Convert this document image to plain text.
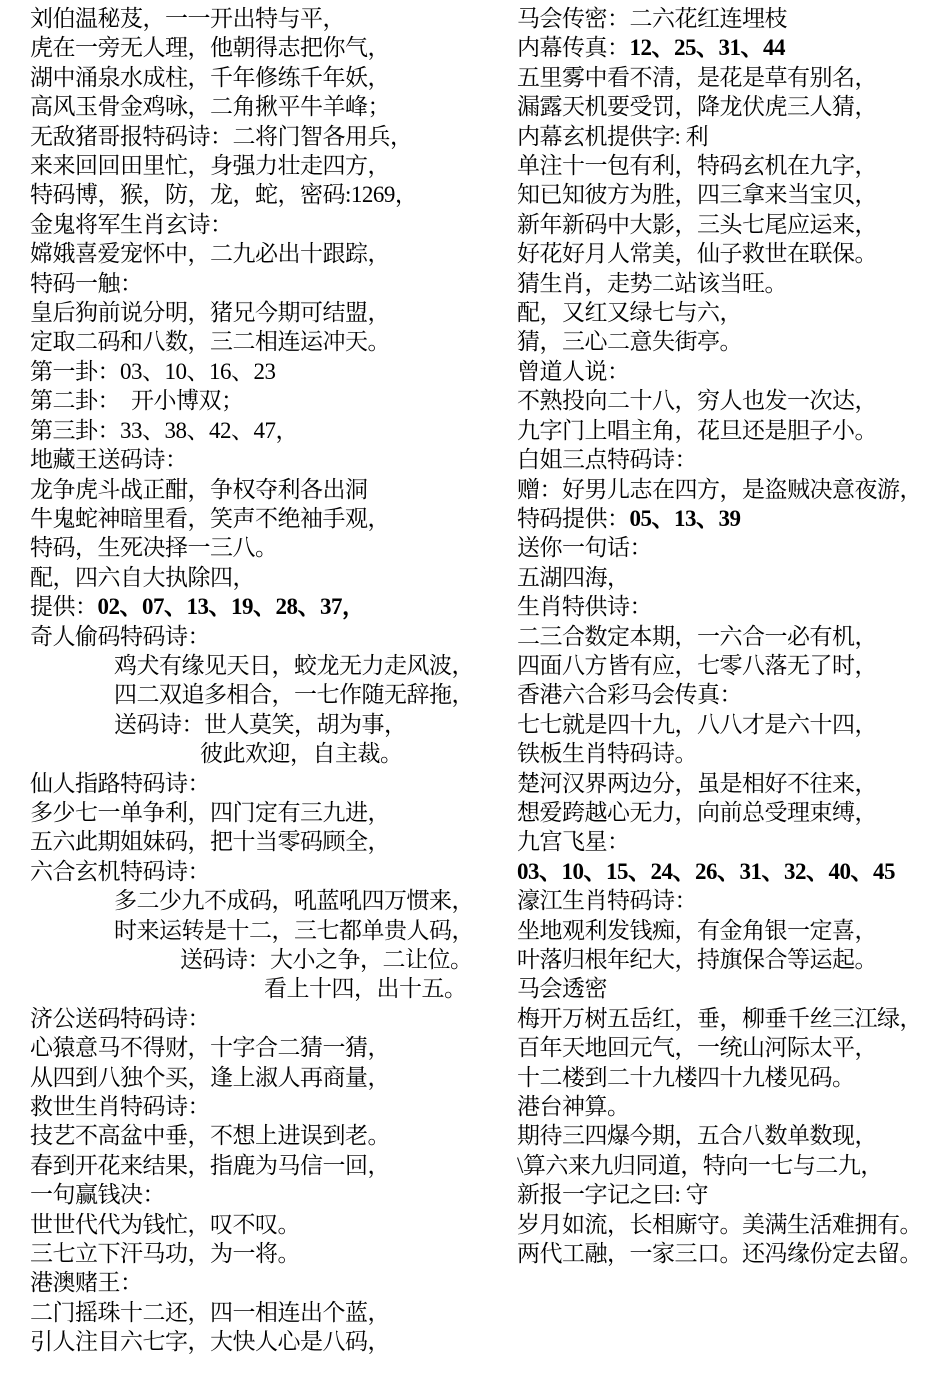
刘伯温秘芨，一一开出特与平，
虎在一旁无人理，他朝得志把你气，
湖中涌泉水成柱，千年修练千年妖，
高风玉骨金鸡咏，二角揪平牛羊峰；
无敌猪哥报特码诗：二将门智各用兵，
来来回回田里忙，身强力壮走四方，
特码博，猴，防，龙，蛇，密码:1269，
金鬼将军生肖玄诗：
嫦娥喜爱宠怀中，二九必出十跟踪，
特码一触：
皇后狗前说分明，猪兄今期可结盟，
定取二码和八数，三二相连运冲天。
第一卦：03、10、16、23
第二卦：　开小博双；
第三卦：33、38、42、47，
地藏王送码诗：
龙争虎斗战正酣，争权夺利各出洞
牛鬼蛇神暗里看，笑声不绝袖手观，
特码，生死决择一三八。
配，四六自大执除四，
提供：02、07、13、19、28、37，
奇人偷码特码诗：
鸡犬有缘见天日，蛟龙无力走风波，
四二双追多相合，一七作随无辞拖，
送码诗：世人莫笑，胡为事，
彼此欢迎，自主裁。
仙人指路特码诗：
多少七一单争利，四门定有三九进，
五六此期姐妹码，把十当零码顾全，
六合玄机特码诗：
多二少九不成码，吼蓝吼四万惯来，
时来运转是十二，三七都单贵人码，
送码诗：大小之争，二让位。
看上十四，出十五。
济公送码特码诗：
心猿意马不得财，十字合二猜一猜，
从四到八独个买，逢上淑人再商量，
救世生肖特码诗：
技艺不高盆中垂，不想上进误到老。
春到开花来结果，指鹿为马信一回，
一句赢钱决：
世世代代为钱忙，叹不叹。
三七立下汗马功，为一将。
港澳赌王：
二门摇珠十二还，四一相连出个蓝，
引人注目六七字，大快人心是八码，
马会传密：二六花红连埋枝
内幕传真：12、25、31、44
五里雾中看不清，是花是草有别名，
漏露天机要受罚，降龙伏虎三人猜，
内幕玄机提供字: 利
单注十一包有利，特码玄机在九字，
知已知彼方为胜，四三拿来当宝贝，
新年新码中大影，三头七尾应运来，
好花好月人常美，仙子救世在联保。
猜生肖，走势二站该当旺。
配，又红又绿七与六，
猜，三心二意失街亭。
曾道人说：
不熟投向二十八，穷人也发一次达，
九字门上唱主角，花旦还是胆子小。
白姐三点特码诗：
赠：好男儿志在四方，是盗贼决意夜游，
特码提供：05、13、39
送你一句话：
五湖四海，
生肖特供诗：
二三合数定本期，一六合一必有机，
四面八方皆有应，七零八落无了时，
香港六合彩马会传真：
七七就是四十九，八八才是六十四，
铁板生肖特码诗。
楚河汉界两边分，虽是相好不往来，
想爱跨越心无力，向前总受理束缚，
九宫飞星：
03、10、15、24、26、31、32、40、45
濠江生肖特码诗：
坐地观利发钱痴，有金角银一定喜，
叶落归根年纪大，持旗保合等运起。
马会透密
梅开万树五岳红，垂，柳垂千丝三江绿，
百年天地回元气，一统山河际太平，
十二楼到二十九楼四十九楼见码。
港台神算。
期待三四爆今期，五合八数单数现，
\算六来九归同道，特向一七与二九，
新报一字记之曰: 守
岁月如流，长相廝守。美满生活难拥有。
两代工融，一家三口。还冯缘份定去留。
